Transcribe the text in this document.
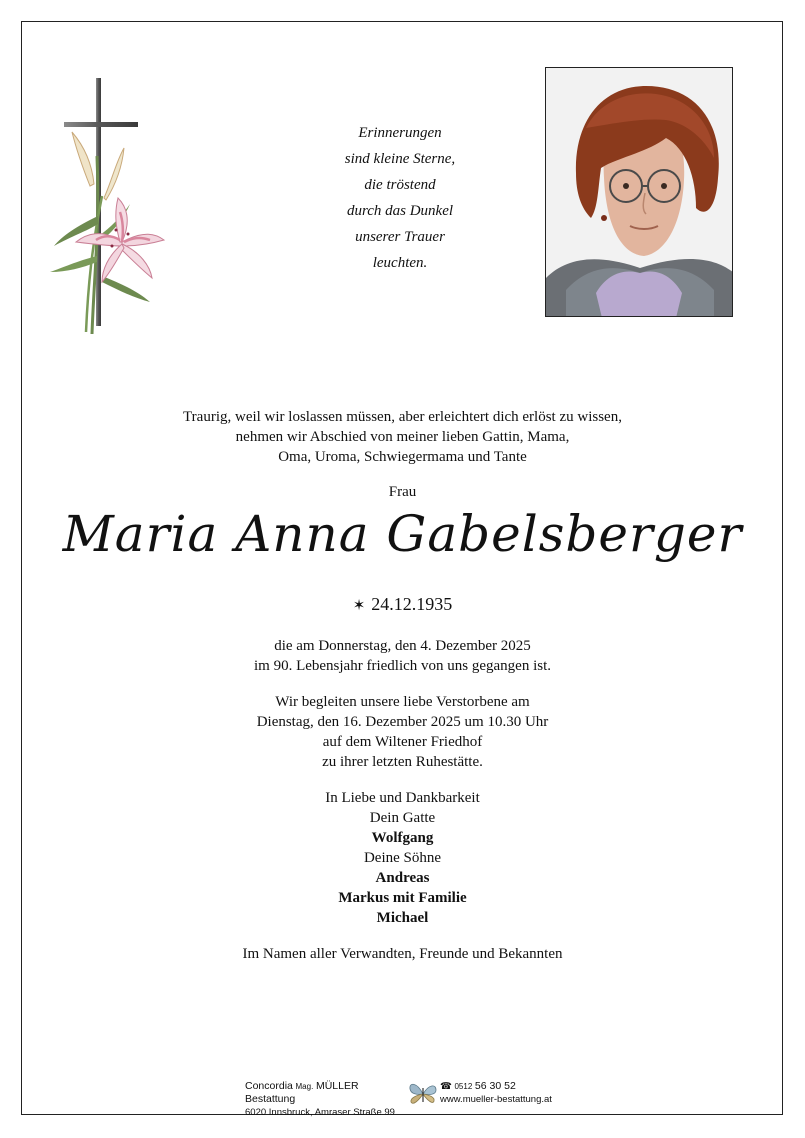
Erinnerungen
sind kleine Sterne,
die tröstend
durch das Dunkel
unserer Trauer
leuchten.
Traurig, weil wir loslassen müssen, aber erleichtert dich erlöst zu wissen,
nehmen wir Abschied von meiner lieben Gattin, Mama,
Oma, Uroma, Schwiegermama und Tante
Frau
Maria Anna Gabelsberger
✶ 24.12.1935
die am Donnerstag, den 4. Dezember 2025
im 90. Lebensjahr friedlich von uns gegangen ist.
Wir begleiten unsere liebe Verstorbene am
Dienstag, den 16. Dezember 2025 um 10.30 Uhr
auf dem Wiltener Friedhof
zu ihrer letzten Ruhestätte.
In Liebe und Dankbarkeit
Dein Gatte
Wolfgang
Deine Söhne
Andreas
Markus mit Familie
Michael
Im Namen aller Verwandten, Freunde und Bekannten
Concordia Mag. MÜLLER Bestattung
6020 Innsbruck, Amraser Straße 99
☎ 0512 56 30 52
www.mueller-bestattung.at
